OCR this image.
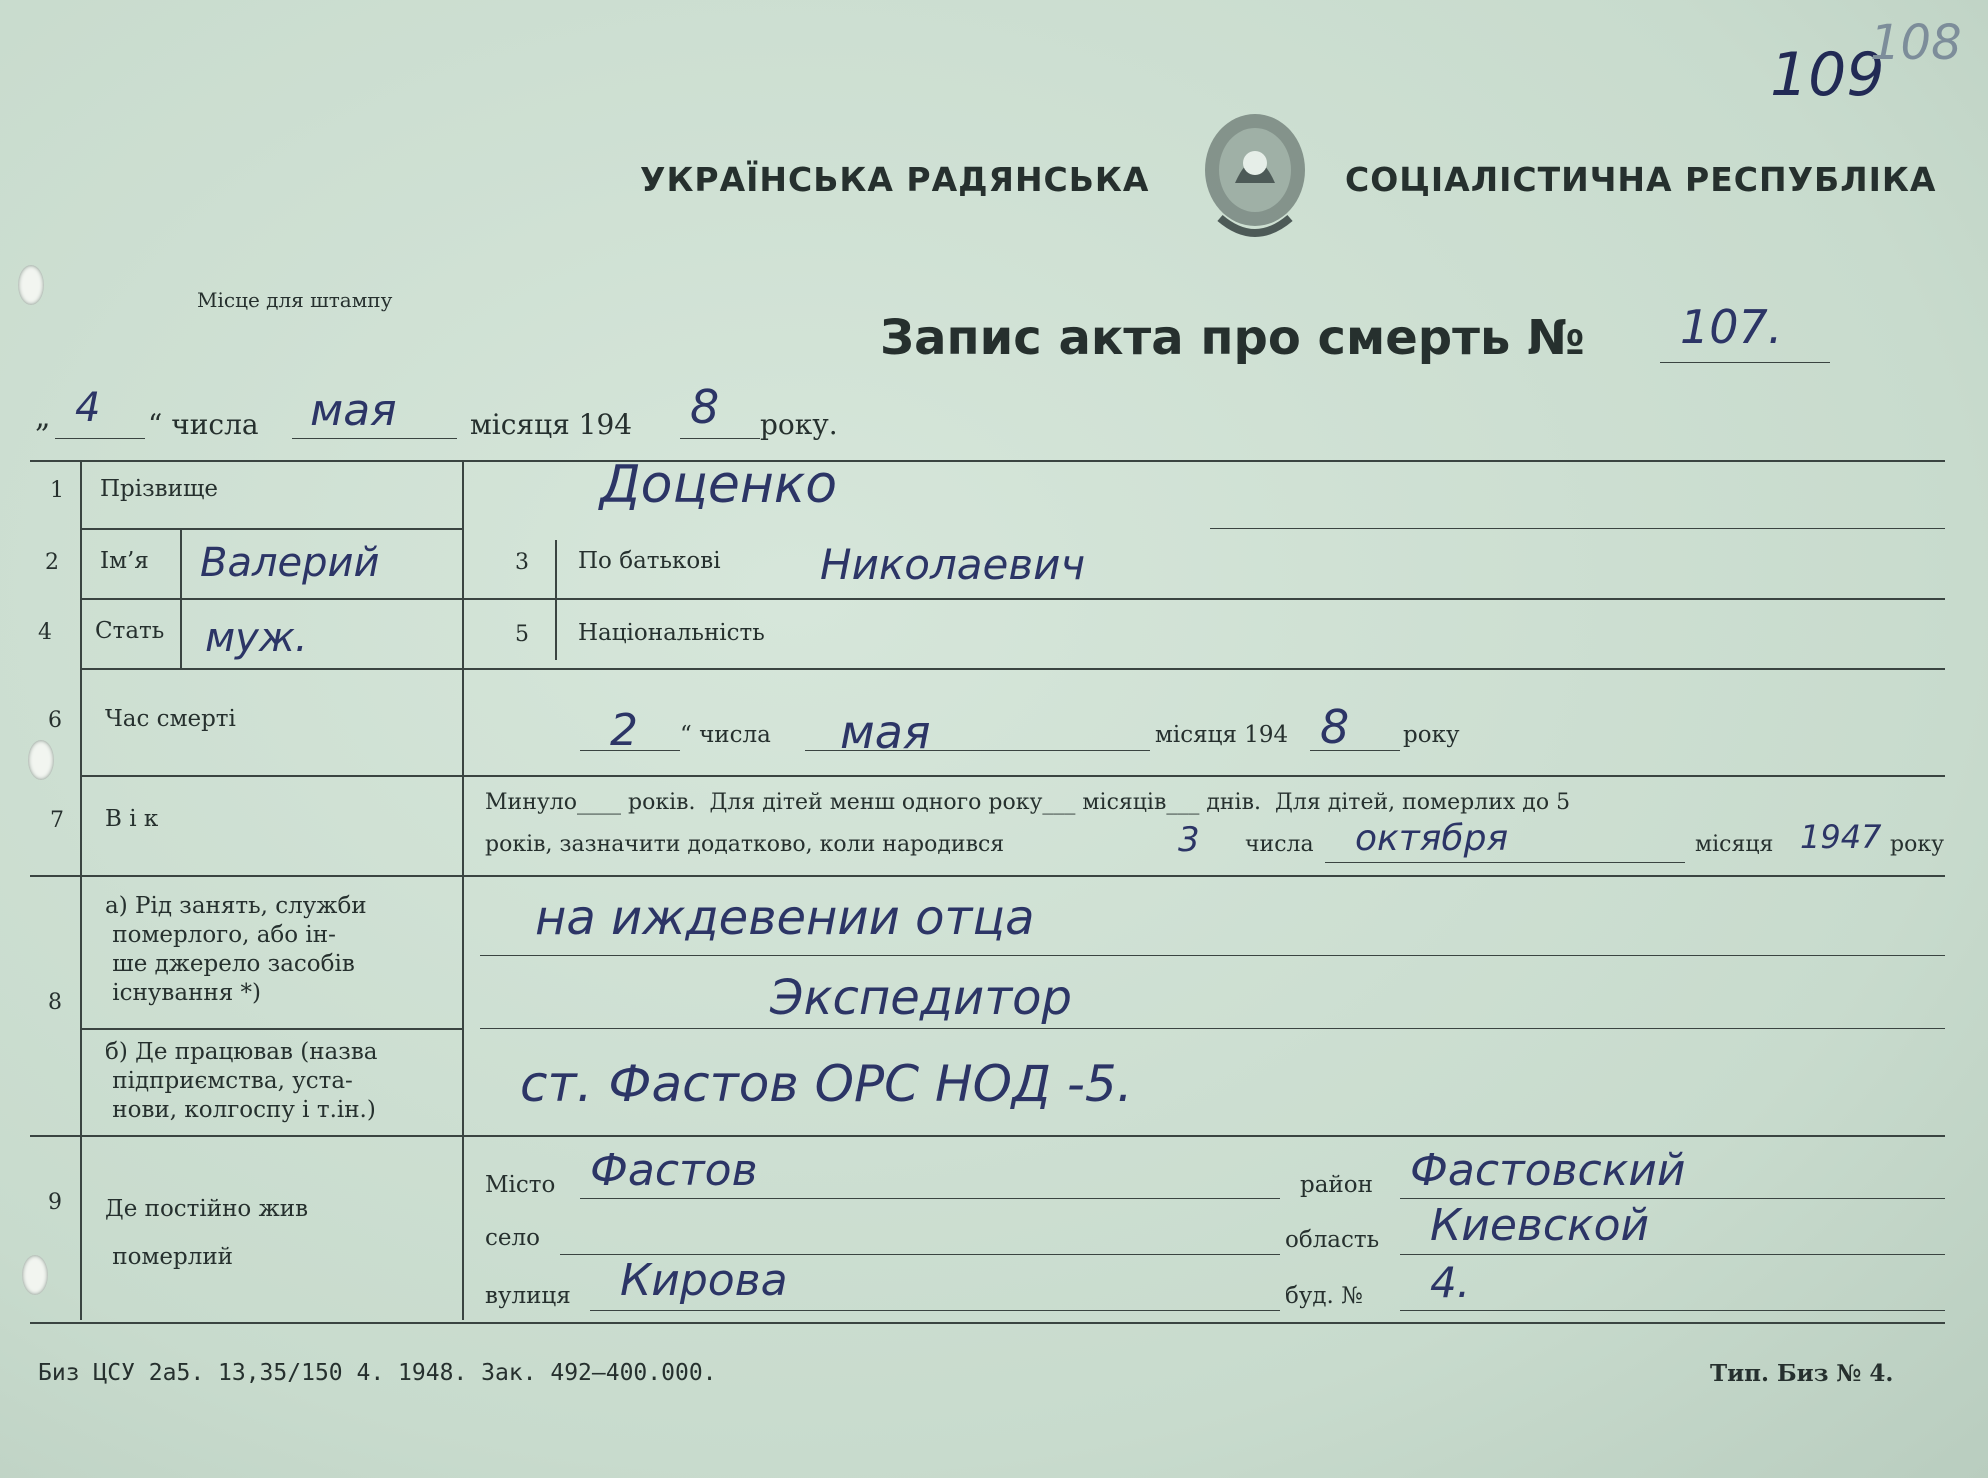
109
108
УКРАЇНСЬКА РАДЯНСЬКА	СОЦІАЛІСТИЧНА РЕСПУБЛІКА
Місце для штампу
Запис акта про смерть № 107.
„ 4 “ числа мая	місяця 194 8 року.
1 Прізвище	Доценко
2 Ім’я Валерий	3 По батькові Николаевич
4 Стать муж.	5 Національність
6 Час смерті	2 “ числа мая	місяця 194 8 року
7 В і к
Минуло____ років. Для дітей менш одного року___ місяців___ днів. Для дітей, померлих до 5
років, зазначити додатково, коли народився	3 числа октября	місяця 1947 року
8
а) Рід занять, служби
померлого, або ін-
ше джерело засобів
існування *)
на иждевении отца
Экспедитор
б) Де працював (назва
підприємства, уста-
нови, колгоспу і т.ін.)	ст. Фастов ОРС НОД -5.
9 Де постійно жив
померлий
Місто Фастов	район Фастовский
село	область Киевской
вулиця Кирова	буд. № 4.
Биз ЦСУ 2а5. 13,35/150 4. 1948. Зак. 492—400.000.	Тип. Биз № 4.
